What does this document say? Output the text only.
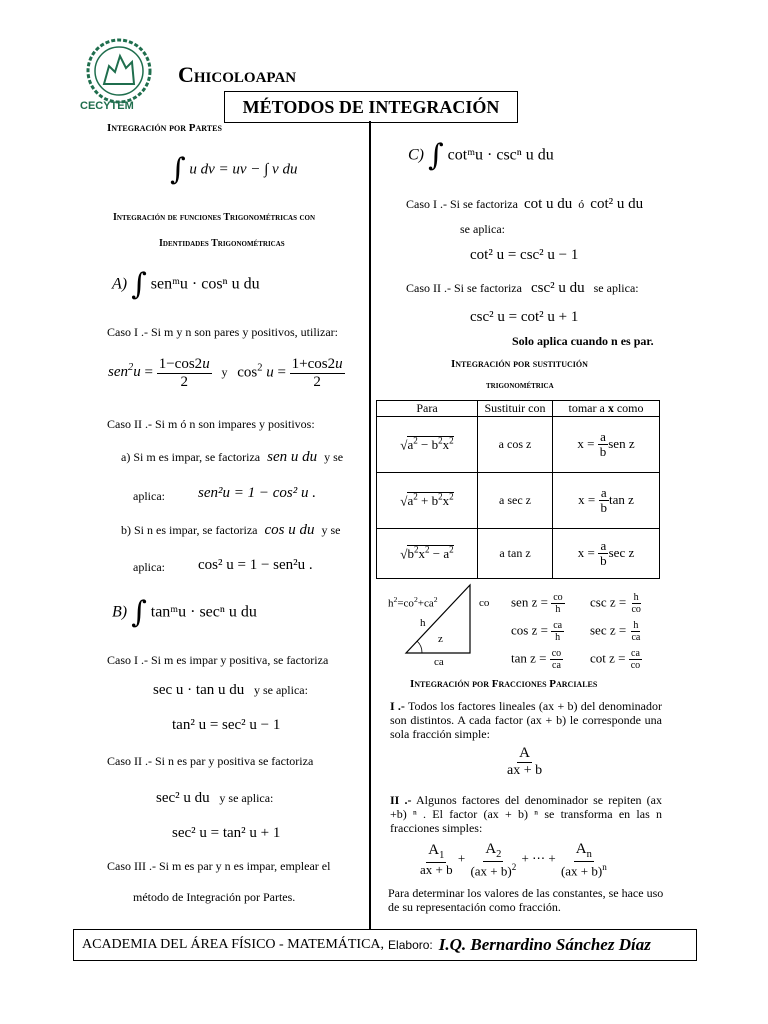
CECYTEM
Chicoloapan
MÉTODOS DE INTEGRACIÓN
Integración por Partes
∫ u dv = uv − ∫ v du
Integración de funciones Trigonométricas con
Identidades Trigonométricas
A) ∫ senᵐu · cosⁿ u du
Caso I .- Si m y n son pares y positivos, utilizar:
$sen^2u = \frac{1-\cos 2u}{2}$ y $\cos^2 u = \frac{1+\cos 2u}{2}$
Caso II .- Si m ó n son impares y positivos:
a) Si m es impar, se factoriza sen u du y se
aplica: sen²u = 1 − cos² u .
b) Si n es impar, se factoriza cos u du y se
aplica: cos² u = 1 − sen²u .
B) ∫ tanᵐu · secⁿ u du
Caso I .- Si m es impar y positiva, se factoriza
sec u · tan u du y se aplica:
tan² u = sec² u − 1
Caso II .- Si n es par y positiva se factoriza
sec² u du y se aplica:
sec² u = tan² u + 1
Caso III .- Si m es par y n es impar, emplear el
método de Integración por Partes.
C) ∫ cotᵐu · cscⁿ u du
Caso I .- Si se factoriza cot u du ó cot² u du
se aplica:
cot² u = csc² u − 1
Caso II .- Si se factoriza csc² u du se aplica:
csc² u = cot² u + 1
Solo aplica cuando n es par.
Integración por sustitución
trigonométrica
Para	Sustituir con	tomar a x como
$√a^2 - b^2x^2$	a cos z	$x = \frac{a}{b}$ sen z
$√a^2 + b^2x^2$	a sec z	$x = \frac{a}{b}$ tan z
$√b^2x^2 - a^2$	a tan z	$x = \frac{a}{b}$ sec z
$h^2=co^2+ca^2$	co
h
z
ca
sen $z = \frac{co}{h}$ $\csc z = \frac{h}{co}$
$\cos z = \frac{ca}{h}$ $\sec z = \frac{h}{ca}$
$\tan z = \frac{co}{ca}$ $\cot z = \frac{ca}{co}$
Integración por Fracciones Parciales
I .- Todos los factores lineales (ax + b) del denominador son distintos. A cada factor (ax + b) le corresponde una sola fracción simple:
$\frac{A}{ax + b}$
II .- Algunos factores del denominador se repiten (ax +b) ⁿ . El factor (ax + b) ⁿ se transforma en las n fracciones simples:
$\frac{A_1}{ax + b} + \frac{A_2}{(ax + b)^2}$ + ⋯ + $\frac{A_n}{(ax + b)^n}$
Para determinar los valores de las constantes, se hace uso de su representación como fracción.
ACADEMIA DEL ÁREA FÍSICO - MATEMÁTICA, Elaboro: I.Q. Bernardino Sánchez Díaz
